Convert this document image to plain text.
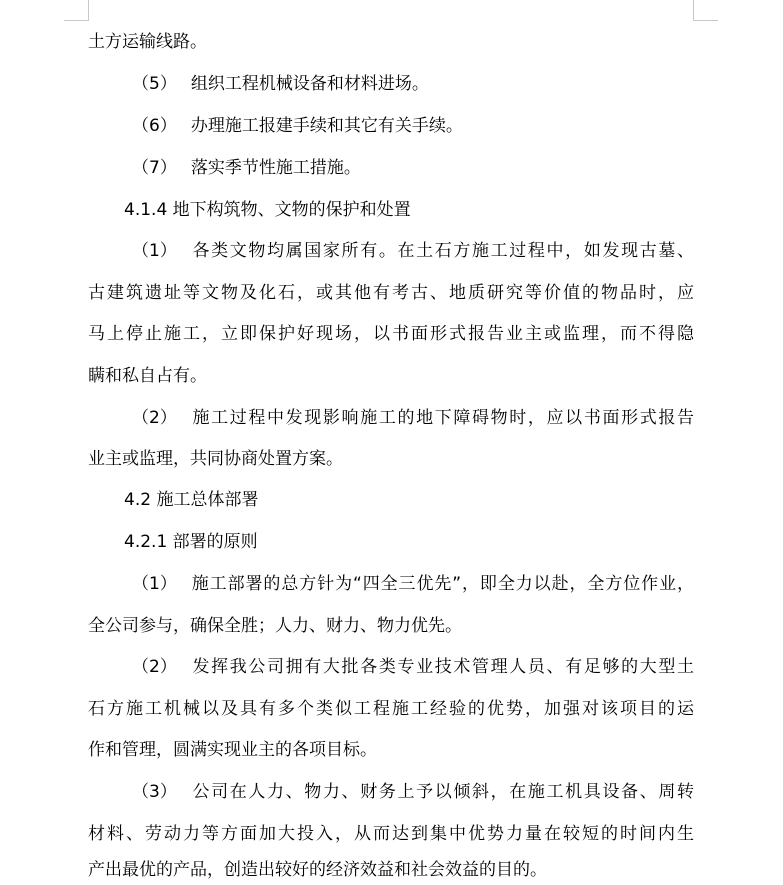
土方运输线路。
（5） 组织工程机械设备和材料进场。
（6） 办理施工报建手续和其它有关手续。
（7） 落实季节性施工措施。
4.1.4 地下构筑物、文物的保护和处置
（1） 各类文物均属国家所有。在土石方施工过程中，如发现古墓、
古建筑遗址等文物及化石，或其他有考古、地质研究等价值的物品时，应
马上停止施工，立即保护好现场，以书面形式报告业主或监理，而不得隐
瞒和私自占有。
（2） 施工过程中发现影响施工的地下障碍物时，应以书面形式报告
业主或监理，共同协商处置方案。
4.2 施工总体部署
4.2.1 部署的原则
（1） 施工部署的总方针为“四全三优先”，即全力以赴，全方位作业，
全公司参与，确保全胜；人力、财力、物力优先。
（2） 发挥我公司拥有大批各类专业技术管理人员、有足够的大型土
石方施工机械以及具有多个类似工程施工经验的优势，加强对该项目的运
作和管理，圆满实现业主的各项目标。
（3） 公司在人力、物力、财务上予以倾斜，在施工机具设备、周转
材料、劳动力等方面加大投入，从而达到集中优势力量在较短的时间内生
产出最优的产品，创造出较好的经济效益和社会效益的目的。
